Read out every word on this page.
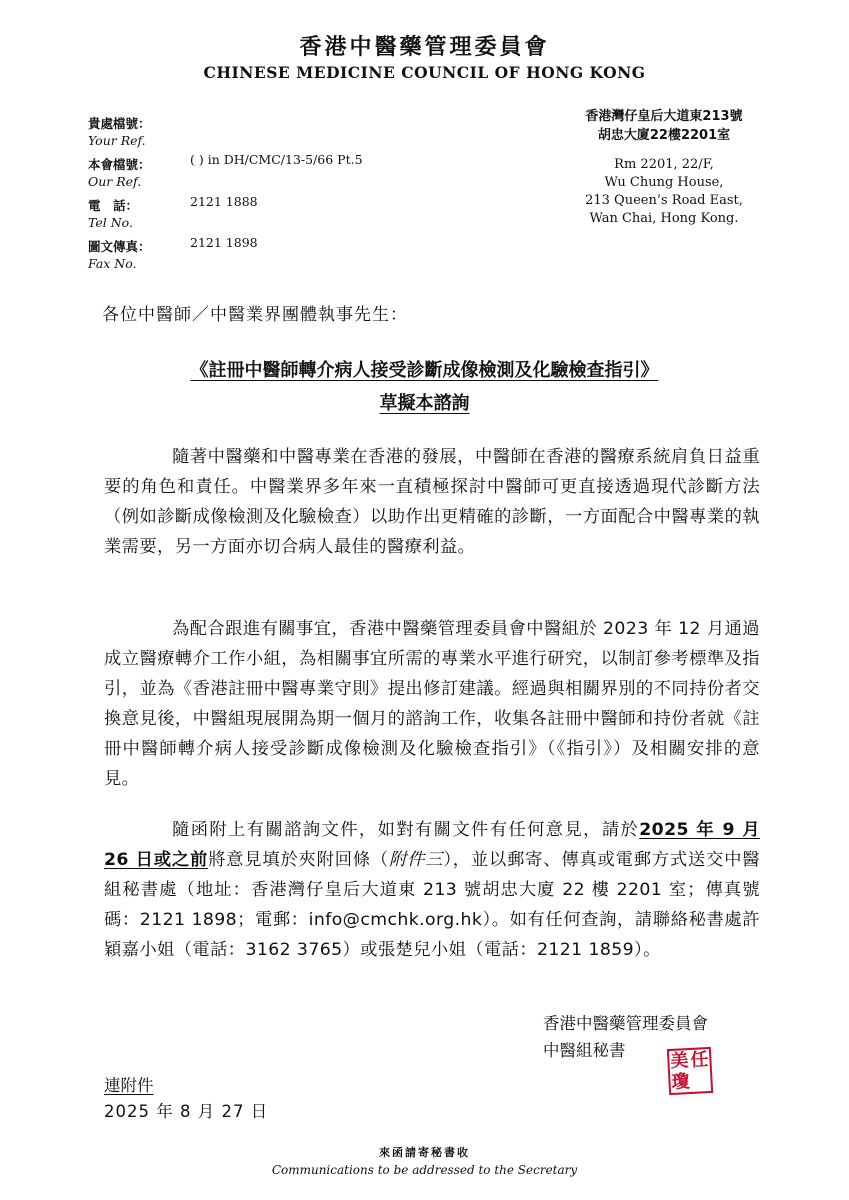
香港中醫藥管理委員會
CHINESE MEDICINE COUNCIL OF HONG KONG
貴處檔號：
Your Ref.
本會檔號：
Our Ref.
( ) in DH/CMC/13-5/66 Pt.5
電　話：
Tel No.
2121 1888
圖文傳真：
Fax No.
2121 1898
香港灣仔皇后大道東213號
胡忠大廈22樓2201室
Rm 2201, 22/F,
Wu Chung House,
213 Queen’s Road East,
Wan Chai, Hong Kong.
各位中醫師／中醫業界團體執事先生：
《註冊中醫師轉介病人接受診斷成像檢測及化驗檢查指引》
草擬本諮詢
隨著中醫藥和中醫專業在香港的發展，中醫師在香港的醫療系統肩負日益重要的角色和責任。中醫業界多年來一直積極探討中醫師可更直接透過現代診斷方法（例如診斷成像檢測及化驗檢查）以助作出更精確的診斷，一方面配合中醫專業的執業需要，另一方面亦切合病人最佳的醫療利益。
為配合跟進有關事宜，香港中醫藥管理委員會中醫組於 2023 年 12 月通過成立醫療轉介工作小組，為相關事宜所需的專業水平進行研究，以制訂參考標準及指引，並為《香港註冊中醫專業守則》提出修訂建議。經過與相關界別的不同持份者交換意見後，中醫組現展開為期一個月的諮詢工作，收集各註冊中醫師和持份者就《註冊中醫師轉介病人接受診斷成像檢測及化驗檢查指引》（《指引》）及相關安排的意見。
隨函附上有關諮詢文件，如對有關文件有任何意見，請於2025 年 9 月 26 日或之前將意見填於夾附回條（附件三），並以郵寄、傳真或電郵方式送交中醫組秘書處（地址：香港灣仔皇后大道東 213 號胡忠大廈 22 樓 2201 室；傳真號碼：2121 1898；電郵：info@cmchk.org.hk）。如有任何查詢，請聯絡秘書處許穎嘉小姐（電話：3162 3765）或張楚兒小姐（電話：2121 1859）。
香港中醫藥管理委員會
中醫組秘書	美 任
瓊
連附件
2025 年 8 月 27 日
來函請寄秘書收
Communications to be addressed to the Secretary
